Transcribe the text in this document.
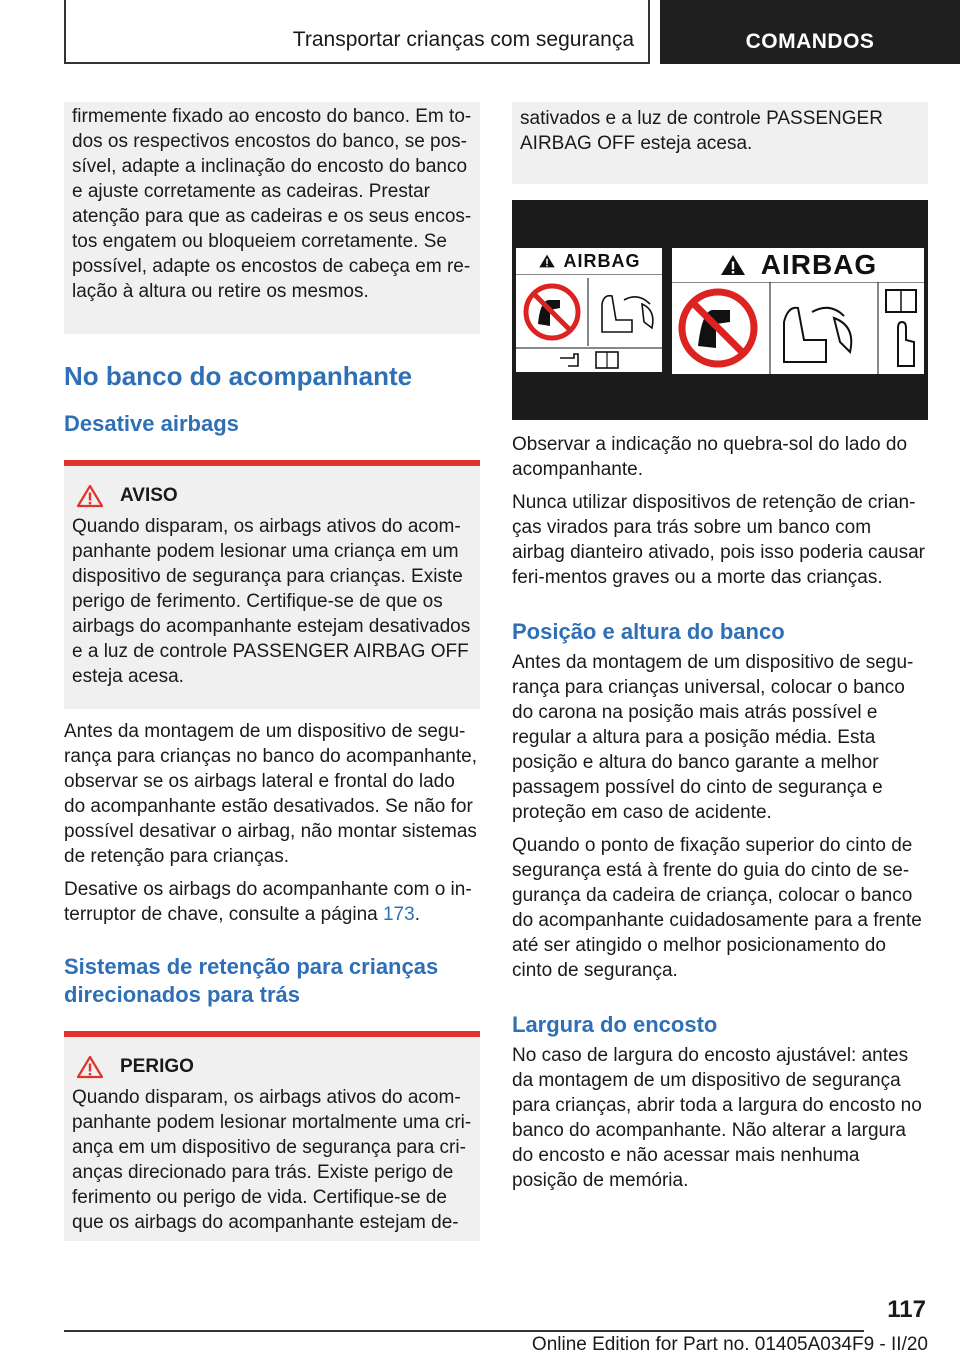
Transportar crianças com segurança	COMANDOS
firmemente fixado ao encosto do banco. Em to-dos os respectivos encostos do banco, se pos-sível, adapte a inclinação do encosto do banco e ajuste corretamente as cadeiras. Prestar atenção para que as cadeiras e os seus encos-tos engatem ou bloqueiem corretamente. Se possível, adapte os encostos de cabeça em re-lação à altura ou retire os mesmos.
No banco do acompanhante
Desative airbags
AVISO
Quando disparam, os airbags ativos do acom-panhante podem lesionar uma criança em um dispositivo de segurança para crianças. Existe perigo de ferimento. Certifique-se de que os airbags do acompanhante estejam desativados e a luz de controle PASSENGER AIRBAG OFF esteja acesa.

Antes da montagem de um dispositivo de segu-rança para crianças no banco do acompanhante, observar se os airbags lateral e frontal do lado do acompanhante estão desativados. Se não for possível desativar o airbag, não montar sistemas de retenção para crianças.

Desative os airbags do acompanhante com o in-terruptor de chave, consulte a página 173.

Sistemas de retenção para crianças direcionados para trás
PERIGO
Quando disparam, os airbags ativos do acom-panhante podem lesionar mortalmente uma cri-ança em um dispositivo de segurança para cri-anças direcionado para trás. Existe perigo de ferimento ou perigo de vida. Certifique-se de que os airbags do acompanhante estejam de-
sativados e a luz de controle PASSENGER AIRBAG OFF esteja acesa.
AIRBAG	AIRBAG

Observar a indicação no quebra-sol do lado do acompanhante.

Nunca utilizar dispositivos de retenção de crian-ças virados para trás sobre um banco com airbag dianteiro ativado, pois isso poderia causar feri-mentos graves ou a morte das crianças.

Posição e altura do banco

Antes da montagem de um dispositivo de segu-rança para crianças universal, colocar o banco do carona na posição mais atrás possível e regular a altura para a posição média. Esta posição e altura do banco garante a melhor passagem possível do cinto de segurança e proteção em caso de acidente.

Quando o ponto de fixação superior do cinto de segurança está à frente do guia do cinto de se-gurança da cadeira de criança, colocar o banco do acompanhante cuidadosamente para a frente até ser atingido o melhor posicionamento do cinto de segurança.

Largura do encosto

No caso de largura do encosto ajustável: antes da montagem de um dispositivo de segurança para crianças, abrir toda a largura do encosto no banco do acompanhante. Não alterar a largura do encosto e não acessar mais nenhuma posição de memória.

117
Online Edition for Part no. 01405A034F9 - II/20
